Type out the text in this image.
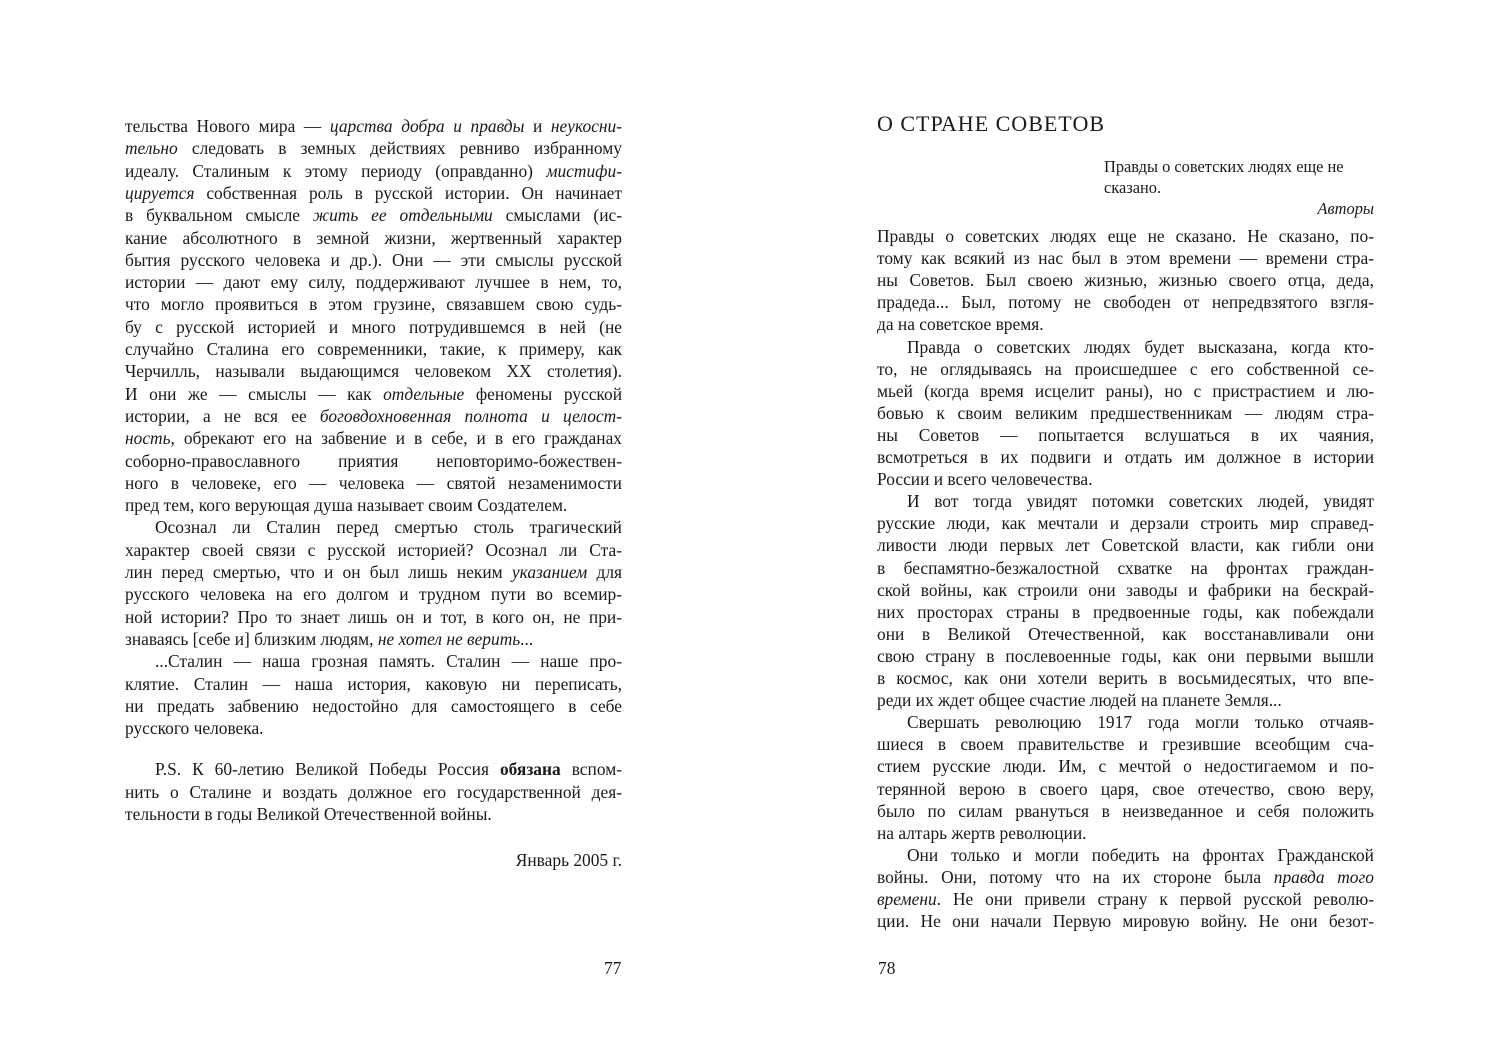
тельства Нового мира — царства добра и правды и неукосни-
тельно следовать в земных действиях ревниво избранному
идеалу. Сталиным к этому периоду (оправданно) мистифи-
цируется собственная роль в русской истории. Он начинает
в буквальном смысле жить ее отдельными смыслами (ис-
кание абсолютного в земной жизни, жертвенный характер
бытия русского человека и др.). Они — эти смыслы русской
истории — дают ему силу, поддерживают лучшее в нем, то,
что могло проявиться в этом грузине, связавшем свою судь-
бу с русской историей и много потрудившемся в ней (не
случайно Сталина его современники, такие, к примеру, как
Черчилль, называли выдающимся человеком XX столетия).
И они же — смыслы — как отдельные феномены русской
истории, а не вся ее боговдохновенная полнота и целост-
ность, обрекают его на забвение и в себе, и в его гражданах
соборно-православного приятия неповторимо-божествен-
ного в человеке, его — человека — святой незаменимости
пред тем, кого верующая душа называет своим Создателем.
Осознал ли Сталин перед смертью столь трагический
характер своей связи с русской историей? Осознал ли Ста-
лин перед смертью, что и он был лишь неким указанием для
русского человека на его долгом и трудном пути во всемир-
ной истории? Про то знает лишь он и тот, в кого он, не при-
знаваясь [себе и] близким людям, не хотел не верить...
...Сталин — наша грозная память. Сталин — наше про-
клятие. Сталин — наша история, каковую ни переписать,
ни предать забвению недостойно для самостоящего в себе
русского человека.
P.S. К 60-летию Великой Победы Россия обязана вспом-
нить о Сталине и воздать должное его государственной дея-
тельности в годы Великой Отечественной войны.
Январь 2005 г.
77
О СТРАНЕ СОВЕТОВ
Правды о советских людях еще не
сказано.
Авторы
Правды о советских людях еще не сказано. Не сказано, по-
тому как всякий из нас был в этом времени — времени стра-
ны Советов. Был своею жизнью, жизнью своего отца, деда,
прадеда... Был, потому не свободен от непредвзятого взгля-
да на советское время.
Правда о советских людях будет высказана, когда кто-
то, не оглядываясь на происшедшее с его собственной се-
мьей (когда время исцелит раны), но с пристрастием и лю-
бовью к своим великим предшественникам — людям стра-
ны Советов — попытается вслушаться в их чаяния,
всмотреться в их подвиги и отдать им должное в истории
России и всего человечества.
И вот тогда увидят потомки советских людей, увидят
русские люди, как мечтали и дерзали строить мир справед-
ливости люди первых лет Советской власти, как гибли они
в беспамятно-безжалостной схватке на фронтах граждан-
ской войны, как строили они заводы и фабрики на бескрай-
них просторах страны в предвоенные годы, как побеждали
они в Великой Отечественной, как восстанавливали они
свою страну в послевоенные годы, как они первыми вышли
в космос, как они хотели верить в восьмидесятых, что впе-
реди их ждет общее счастие людей на планете Земля...
Свершать революцию 1917 года могли только отчаяв-
шиеся в своем правительстве и грезившие всеобщим сча-
стием русские люди. Им, с мечтой о недостигаемом и по-
терянной верою в своего царя, свое отечество, свою веру,
было по силам рвануться в неизведанное и себя положить
на алтарь жертв революции.
Они только и могли победить на фронтах Гражданской
войны. Они, потому что на их стороне была правда того
времени. Не они привели страну к первой русской револю-
ции. Не они начали Первую мировую войну. Не они безот-
78
